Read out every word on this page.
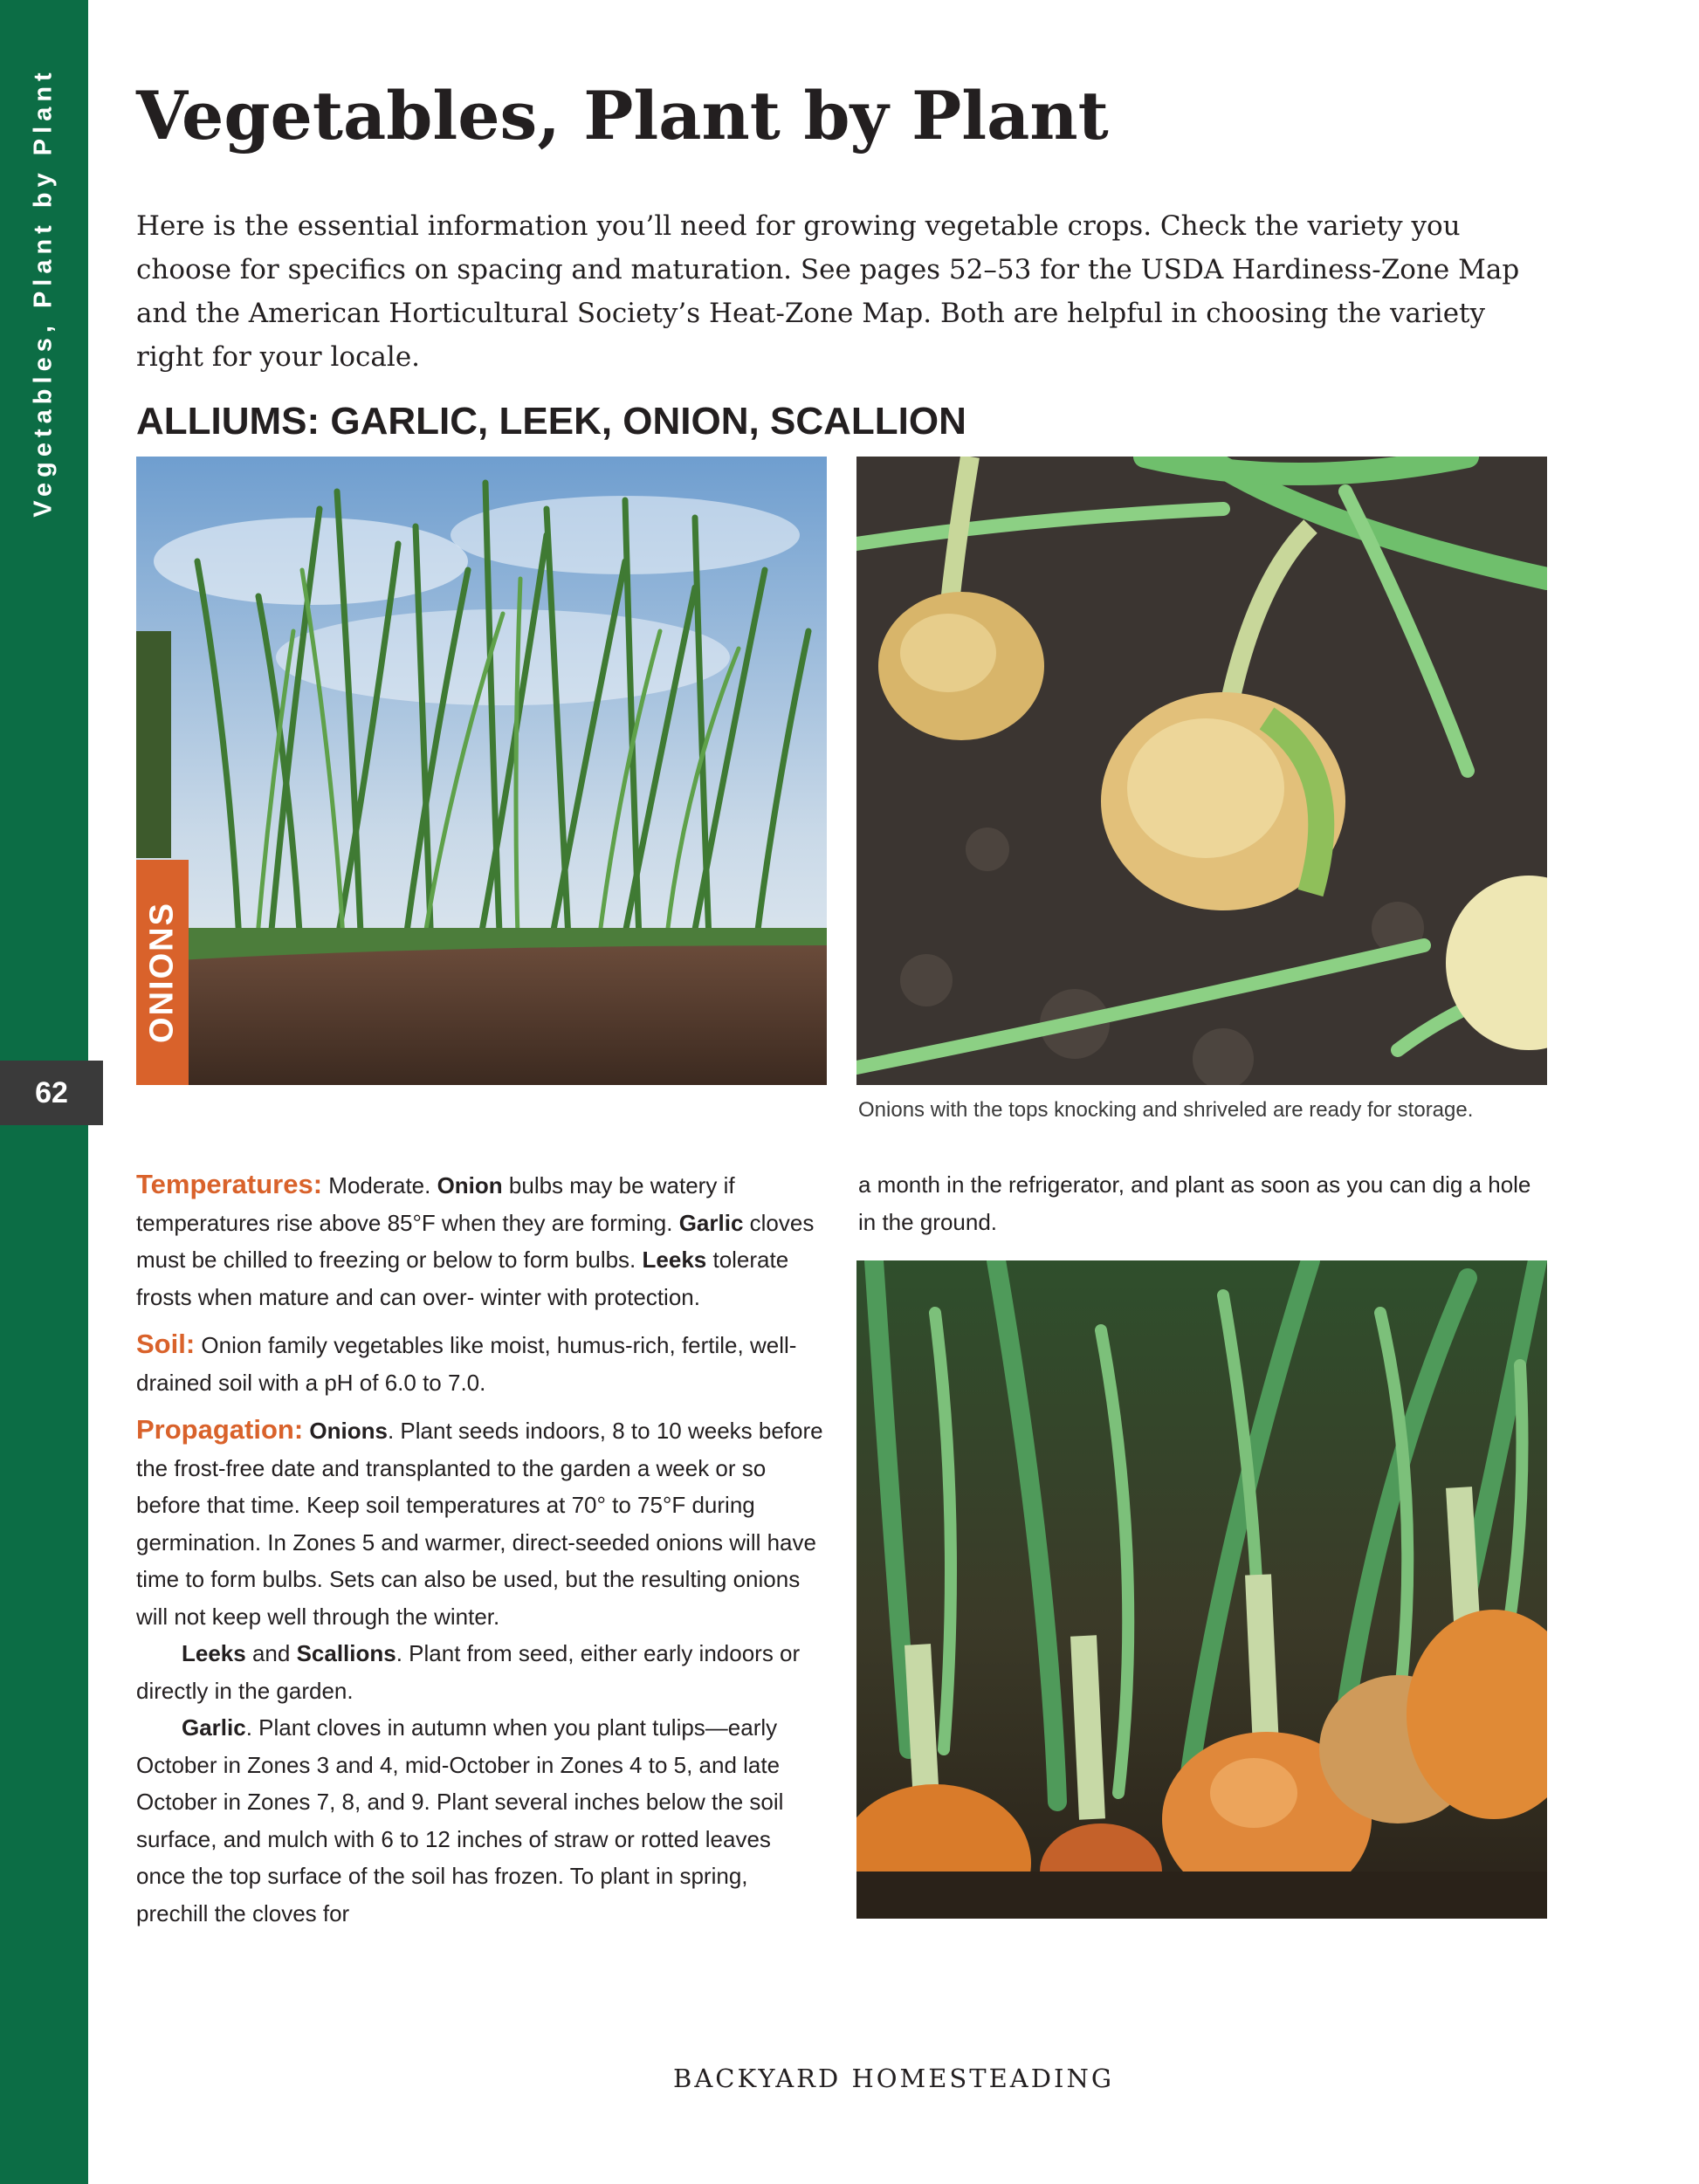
Vegetables, Plant by Plant
62
Vegetables, Plant by Plant

Here is the essential information you’ll need for growing vegetable crops. Check the variety you choose for specifics on spacing and maturation. See pages 52–53 for the USDA Hardiness-Zone Map and the American Horticultural Society’s Heat-Zone Map. Both are helpful in choosing the variety right for your locale.

ALLIUMS: GARLIC, LEEK, ONION, SCALLION
ONIONS

Onions with the tops knocking and shriveled are ready for storage.

Temperatures: Moderate. Onion bulbs may be watery if temperatures rise above 85°F when they are forming. Garlic cloves must be chilled to freezing or below to form bulbs. Leeks tolerate frosts when mature and can over- winter with protection.

Soil: Onion family vegetables like moist, humus-rich, fertile, well-drained soil with a pH of 6.0 to 7.0.

Propagation: Onions. Plant seeds indoors, 8 to 10 weeks before the frost-free date and transplanted to the garden a week or so before that time. Keep soil temperatures at 70° to 75°F during germination. In Zones 5 and warmer, direct-seeded onions will have time to form bulbs. Sets can also be used, but the resulting onions will not keep well through the winter.

Leeks and Scallions. Plant from seed, either early indoors or directly in the garden.

Garlic. Plant cloves in autumn when you plant tulips—early October in Zones 3 and 4, mid-October in Zones 4 to 5, and late October in Zones 7, 8, and 9. Plant several inches below the soil surface, and mulch with 6 to 12 inches of straw or rotted leaves once the top surface of the soil has frozen. To plant in spring, prechill the cloves for

a month in the refrigerator, and plant as soon as you can dig a hole in the ground.

BACKYARD HOMESTEADING
